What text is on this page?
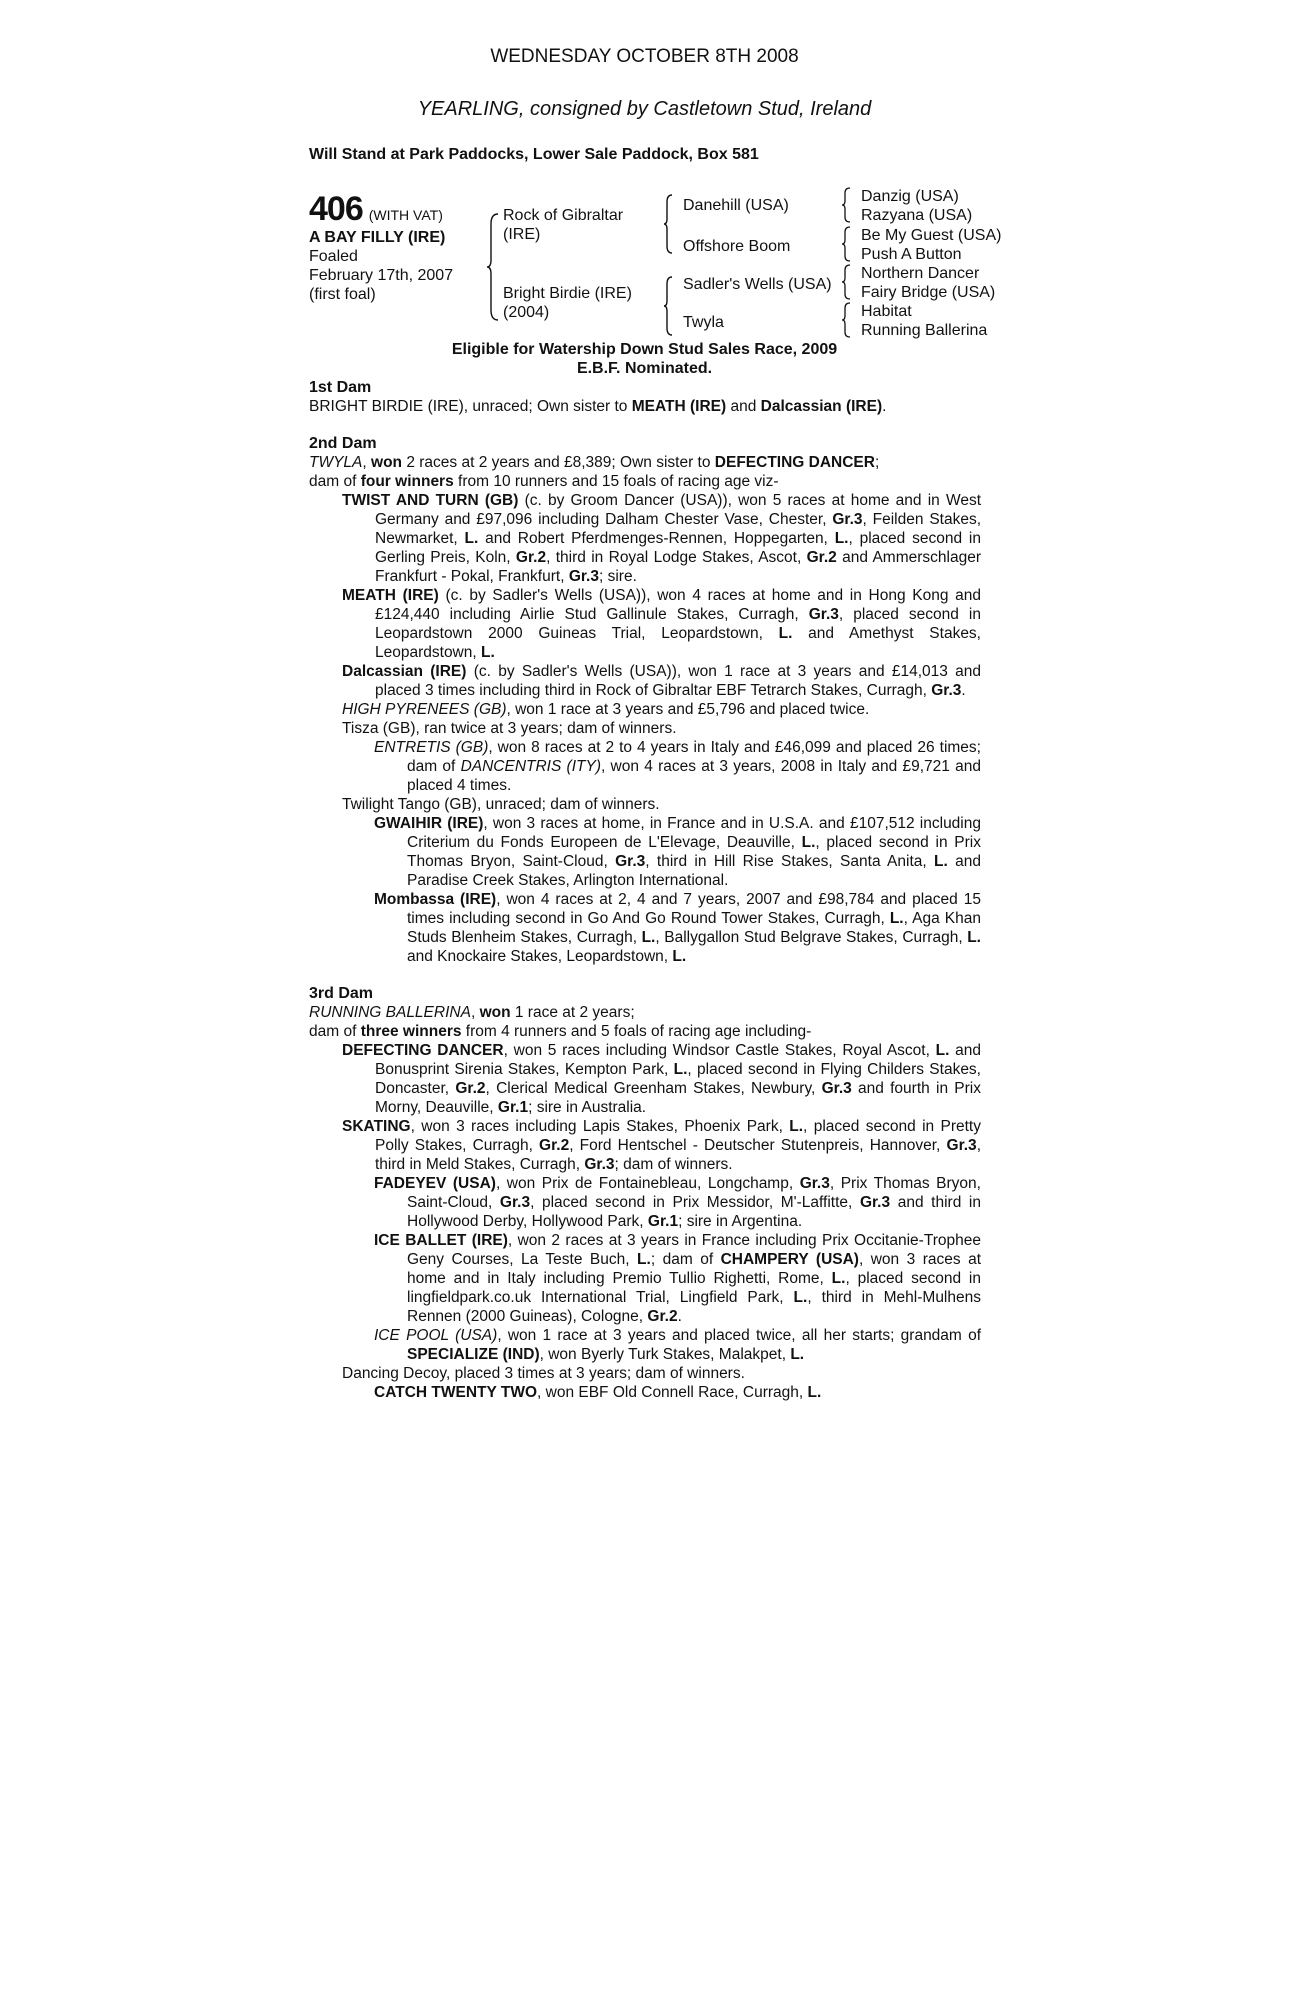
WEDNESDAY OCTOBER 8TH 2008
YEARLING, consigned by Castletown Stud, Ireland
Will Stand at Park Paddocks, Lower Sale Paddock, Box 581
406 (WITH VAT)
A BAY FILLY (IRE)
Foaled
February 17th, 2007
(first foal)
Rock of Gibraltar
(IRE)
Bright Birdie (IRE)
(2004)
Danehill (USA)
Offshore Boom
Sadler's Wells (USA)
Twyla
Danzig (USA)
Razyana (USA)
Be My Guest (USA)
Push A Button
Northern Dancer
Fairy Bridge (USA)
Habitat
Running Ballerina
Eligible for Watership Down Stud Sales Race, 2009
E.B.F. Nominated.

1st Dam

BRIGHT BIRDIE (IRE), unraced; Own sister to MEATH (IRE) and Dalcassian (IRE).

2nd Dam

TWYLA, won 2 races at 2 years and £8,389; Own sister to DEFECTING DANCER;

dam of four winners from 10 runners and 15 foals of racing age viz-

TWIST AND TURN (GB) (c. by Groom Dancer (USA)), won 5 races at home and in West Germany and £97,096 including Dalham Chester Vase, Chester, Gr.3, Feilden Stakes, Newmarket, L. and Robert Pferdmenges-Rennen, Hoppegarten, L., placed second in Gerling Preis, Koln, Gr.2, third in Royal Lodge Stakes, Ascot, Gr.2 and Ammerschlager Frankfurt - Pokal, Frankfurt, Gr.3; sire.

MEATH (IRE) (c. by Sadler's Wells (USA)), won 4 races at home and in Hong Kong and £124,440 including Airlie Stud Gallinule Stakes, Curragh, Gr.3, placed second in Leopardstown 2000 Guineas Trial, Leopardstown, L. and Amethyst Stakes, Leopardstown, L.

Dalcassian (IRE) (c. by Sadler's Wells (USA)), won 1 race at 3 years and £14,013 and placed 3 times including third in Rock of Gibraltar EBF Tetrarch Stakes, Curragh, Gr.3.

HIGH PYRENEES (GB), won 1 race at 3 years and £5,796 and placed twice.

Tisza (GB), ran twice at 3 years; dam of winners.

ENTRETIS (GB), won 8 races at 2 to 4 years in Italy and £46,099 and placed 26 times; dam of DANCENTRIS (ITY), won 4 races at 3 years, 2008 in Italy and £9,721 and placed 4 times.

Twilight Tango (GB), unraced; dam of winners.

GWAIHIR (IRE), won 3 races at home, in France and in U.S.A. and £107,512 including Criterium du Fonds Europeen de L'Elevage, Deauville, L., placed second in Prix Thomas Bryon, Saint-Cloud, Gr.3, third in Hill Rise Stakes, Santa Anita, L. and Paradise Creek Stakes, Arlington International.

Mombassa (IRE), won 4 races at 2, 4 and 7 years, 2007 and £98,784 and placed 15 times including second in Go And Go Round Tower Stakes, Curragh, L., Aga Khan Studs Blenheim Stakes, Curragh, L., Ballygallon Stud Belgrave Stakes, Curragh, L. and Knockaire Stakes, Leopardstown, L.

3rd Dam

RUNNING BALLERINA, won 1 race at 2 years;

dam of three winners from 4 runners and 5 foals of racing age including-

DEFECTING DANCER, won 5 races including Windsor Castle Stakes, Royal Ascot, L. and Bonusprint Sirenia Stakes, Kempton Park, L., placed second in Flying Childers Stakes, Doncaster, Gr.2, Clerical Medical Greenham Stakes, Newbury, Gr.3 and fourth in Prix Morny, Deauville, Gr.1; sire in Australia.

SKATING, won 3 races including Lapis Stakes, Phoenix Park, L., placed second in Pretty Polly Stakes, Curragh, Gr.2, Ford Hentschel - Deutscher Stutenpreis, Hannover, Gr.3, third in Meld Stakes, Curragh, Gr.3; dam of winners.

FADEYEV (USA), won Prix de Fontainebleau, Longchamp, Gr.3, Prix Thomas Bryon, Saint-Cloud, Gr.3, placed second in Prix Messidor, M'-Laffitte, Gr.3 and third in Hollywood Derby, Hollywood Park, Gr.1; sire in Argentina.

ICE BALLET (IRE), won 2 races at 3 years in France including Prix Occitanie-Trophee Geny Courses, La Teste Buch, L.; dam of CHAMPERY (USA), won 3 races at home and in Italy including Premio Tullio Righetti, Rome, L., placed second in lingfieldpark.co.uk International Trial, Lingfield Park, L., third in Mehl-Mulhens Rennen (2000 Guineas), Cologne, Gr.2.

ICE POOL (USA), won 1 race at 3 years and placed twice, all her starts; grandam of SPECIALIZE (IND), won Byerly Turk Stakes, Malakpet, L.

Dancing Decoy, placed 3 times at 3 years; dam of winners.

CATCH TWENTY TWO, won EBF Old Connell Race, Curragh, L.
